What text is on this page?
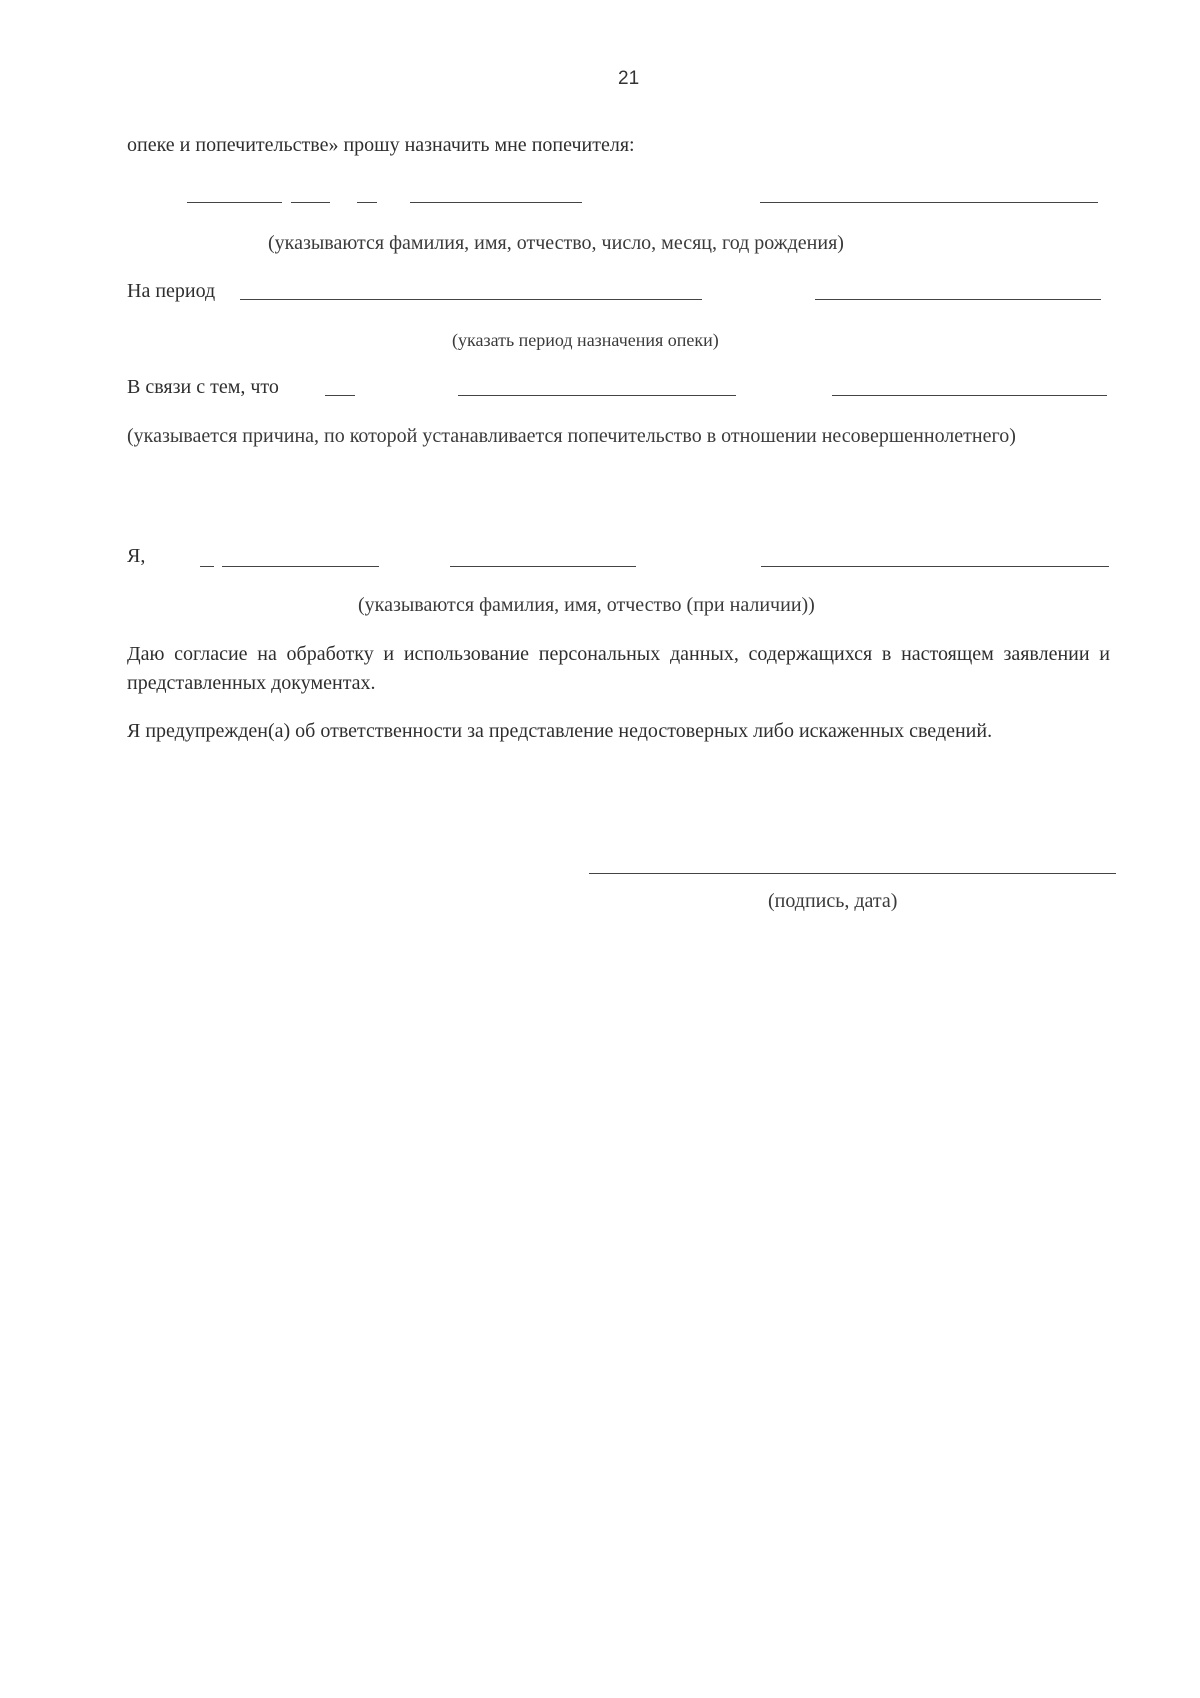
21
опеке и попечительстве» прошу назначить мне попечителя:
(указываются фамилия, имя, отчество, число, месяц, год рождения)
На период
(указать период назначения опеки)
В связи с тем, что
(указывается причина, по которой устанавливается попечительство в отношении несовершеннолетнего)
Я,
(указываются фамилия, имя, отчество (при наличии))
Даю согласие на обработку и использование персональных данных, содержащихся в настоящем заявлении и представленных документах.
Я предупрежден(а) об ответственности за представление недостоверных либо искаженных сведений.
(подпись, дата)
